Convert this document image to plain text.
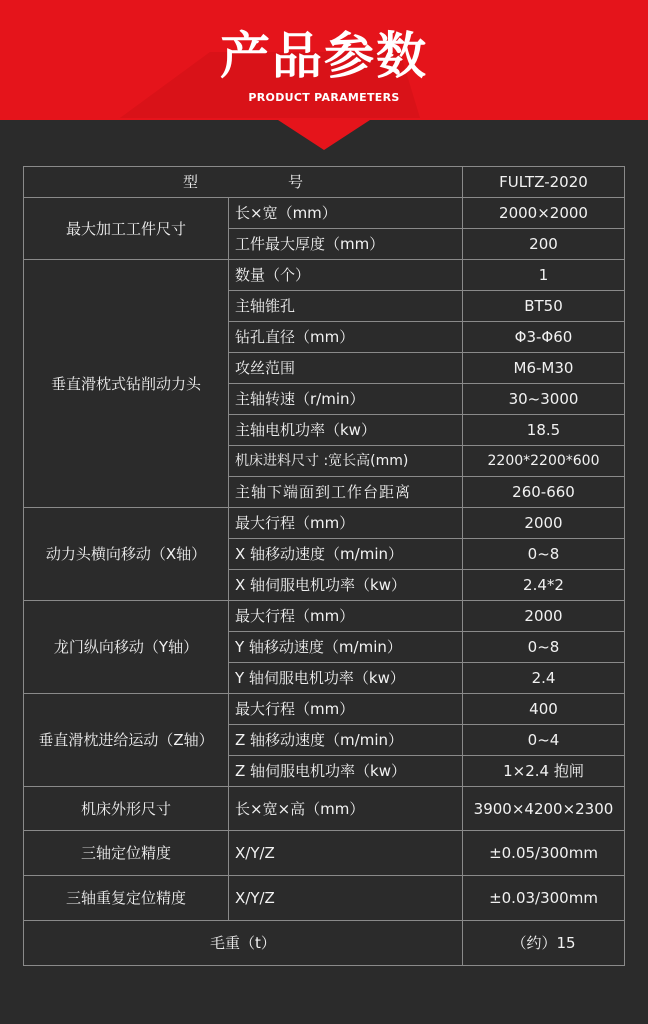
产品参数
PRODUCT PARAMETERS
型 号		FULTZ-2020
最大加工工件尺寸	长×宽（mm）	2000×2000
	工件最大厚度（mm）	200
垂直滑枕式钻削动力头	数量（个）	1
	主轴锥孔	BT50
	钻孔直径（mm）	Φ3-Φ60
	攻丝范围	M6-M30
	主轴转速（r/min）	30~3000
	主轴电机功率（kw）	18.5
	机床进料尺寸 :宽长高(mm)	2200*2200*600
	主轴下端面到工作台距离	260-660
动力头横向移动（X轴）	最大行程（mm）	2000
	X 轴移动速度（m/min）	0~8
	X 轴伺服电机功率（kw）	2.4*2
龙门纵向移动（Y轴）	最大行程（mm）	2000
	Y 轴移动速度（m/min）	0~8
	Y 轴伺服电机功率（kw）	2.4
垂直滑枕进给运动（Z轴）	最大行程（mm）	400
	Z 轴移动速度（m/min）	0~4
	Z 轴伺服电机功率（kw）	1×2.4 抱闸
机床外形尺寸	长×宽×高（mm）	3900×4200×2300
三轴定位精度	X/Y/Z	±0.05/300mm
三轴重复定位精度	X/Y/Z	±0.03/300mm
毛重（t）		（约）15
